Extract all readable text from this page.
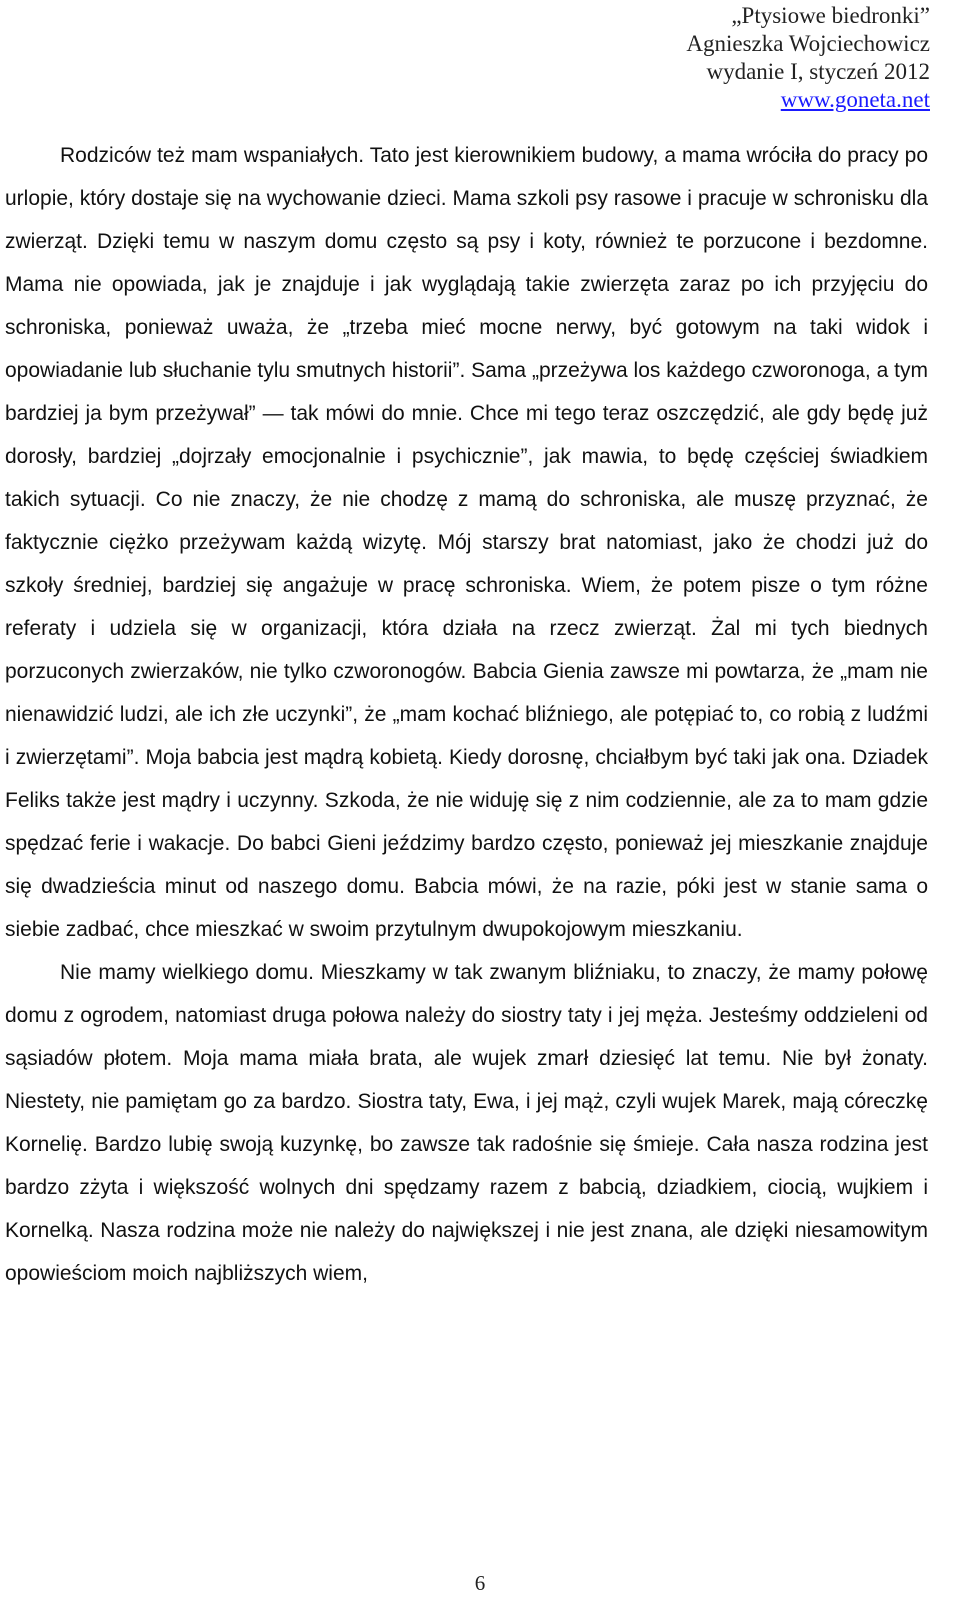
„Ptysiowe biedronki”
Agnieszka Wojciechowicz
wydanie I, styczeń 2012
www.goneta.net

Rodziców też mam wspaniałych. Tato jest kierownikiem budowy, a mama wróciła do pracy po urlopie, który dostaje się na wychowanie dzieci. Mama szkoli psy rasowe i pracuje w schronisku dla zwierząt. Dzięki temu w naszym domu często są psy i koty, również te porzucone i bezdomne. Mama nie opowiada, jak je znajduje i jak wyglądają takie zwierzęta zaraz po ich przyjęciu do schroniska, ponieważ uważa, że „trzeba mieć mocne nerwy, być gotowym na taki widok i opowiadanie lub słuchanie tylu smutnych historii”. Sama „przeżywa los każdego czworonoga, a tym bardziej ja bym przeżywał” — tak mówi do mnie. Chce mi tego teraz oszczędzić, ale gdy będę już dorosły, bardziej „dojrzały emocjonalnie i psychicznie”, jak mawia, to będę częściej świadkiem takich sytuacji. Co nie znaczy, że nie chodzę z mamą do schroniska, ale muszę przyznać, że faktycznie ciężko przeżywam każdą wizytę. Mój starszy brat natomiast, jako że chodzi już do szkoły średniej, bardziej się angażuje w pracę schroniska. Wiem, że potem pisze o tym różne referaty i udziela się w organizacji, która działa na rzecz zwierząt. Żal mi tych biednych porzuconych zwierzaków, nie tylko czworonogów. Babcia Gienia zawsze mi powtarza, że „mam nie nienawidzić ludzi, ale ich złe uczynki”, że „mam kochać bliźniego, ale potępiać to, co robią z ludźmi i zwierzętami”. Moja babcia jest mądrą kobietą. Kiedy dorosnę, chciałbym być taki jak ona. Dziadek Feliks także jest mądry i uczynny. Szkoda, że nie widuję się z nim codziennie, ale za to mam gdzie spędzać ferie i wakacje. Do babci Gieni jeździmy bardzo często, ponieważ jej mieszkanie znajduje się dwadzieścia minut od naszego domu. Babcia mówi, że na razie, póki jest w stanie sama o siebie zadbać, chce mieszkać w swoim przytulnym dwupokojowym mieszkaniu.

Nie mamy wielkiego domu. Mieszkamy w tak zwanym bliźniaku, to znaczy, że mamy połowę domu z ogrodem, natomiast druga połowa należy do siostry taty i jej męża. Jesteśmy oddzieleni od sąsiadów płotem. Moja mama miała brata, ale wujek zmarł dziesięć lat temu. Nie był żonaty. Niestety, nie pamiętam go za bardzo. Siostra taty, Ewa, i jej mąż, czyli wujek Marek, mają córeczkę Kornelię. Bardzo lubię swoją kuzynkę, bo zawsze tak radośnie się śmieje. Cała nasza rodzina jest bardzo zżyta i większość wolnych dni spędzamy razem z babcią, dziadkiem, ciocią, wujkiem i Kornelką. Nasza rodzina może nie należy do największej i nie jest znana, ale dzięki niesamowitym opowieściom moich najbliższych wiem,

6
